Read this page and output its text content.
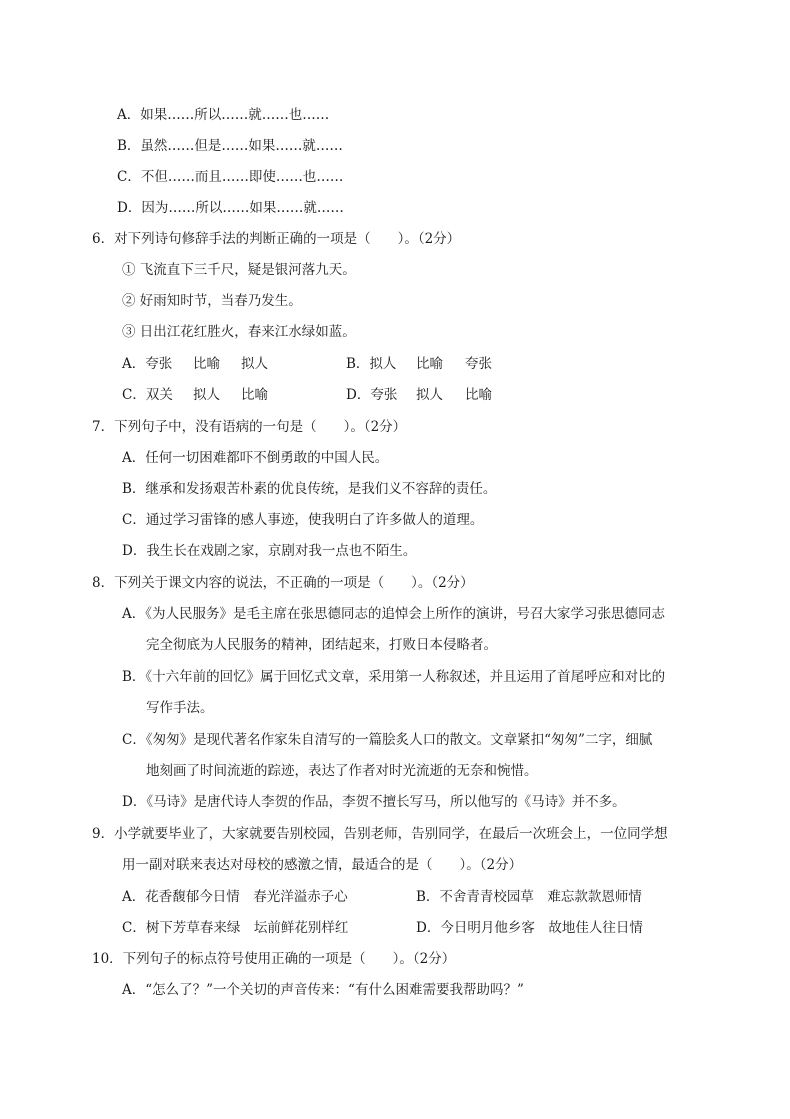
A．如果……所以……就……也……
B．虽然……但是……如果……就……
C．不但……而且……即使……也……
D．因为……所以……如果……就……
6．对下列诗句修辞手法的判断正确的一项是（　　）。（2分）
① 飞流直下三千尺，疑是银河落九天。
② 好雨知时节，当春乃发生。
③ 日出江花红胜火，春来江水绿如蓝。
A．夸张 比喻 拟人	B．拟人 比喻 夸张
C．双关 拟人 比喻	D．夸张 拟人 比喻
7．下列句子中，没有语病的一句是（　　）。（2分）
A．任何一切困难都吓不倒勇敢的中国人民。
B．继承和发扬艰苦朴素的优良传统，是我们义不容辞的责任。
C．通过学习雷锋的感人事迹，使我明白了许多做人的道理。
D．我生长在戏剧之家，京剧对我一点也不陌生。
8．下列关于课文内容的说法，不正确的一项是（　　）。（2分）
A．《为人民服务》是毛主席在张思德同志的追悼会上所作的演讲，号召大家学习张思德同志
完全彻底为人民服务的精神，团结起来，打败日本侵略者。
B．《十六年前的回忆》属于回忆式文章，采用第一人称叙述，并且运用了首尾呼应和对比的
写作手法。
C．《匆匆》是现代著名作家朱自清写的一篇脍炙人口的散文。文章紧扣“匆匆”二字，细腻
地刻画了时间流逝的踪迹，表达了作者对时光流逝的无奈和惋惜。
D．《马诗》是唐代诗人李贺的作品，李贺不擅长写马，所以他写的《马诗》并不多。
9．小学就要毕业了，大家就要告别校园，告别老师，告别同学，在最后一次班会上，一位同学想
用一副对联来表达对母校的感激之情，最适合的是（　　）。（2分）
A．花香馥郁今日情　春光洋溢赤子心	B．不舍青青校园草　难忘款款恩师情
C．树下芳草春来绿　坛前鲜花别样红	D．今日明月他乡客　故地佳人往日情
10．下列句子的标点符号使用正确的一项是（　　）。（2分）
A．“怎么了？”一个关切的声音传来：“有什么困难需要我帮助吗？”
